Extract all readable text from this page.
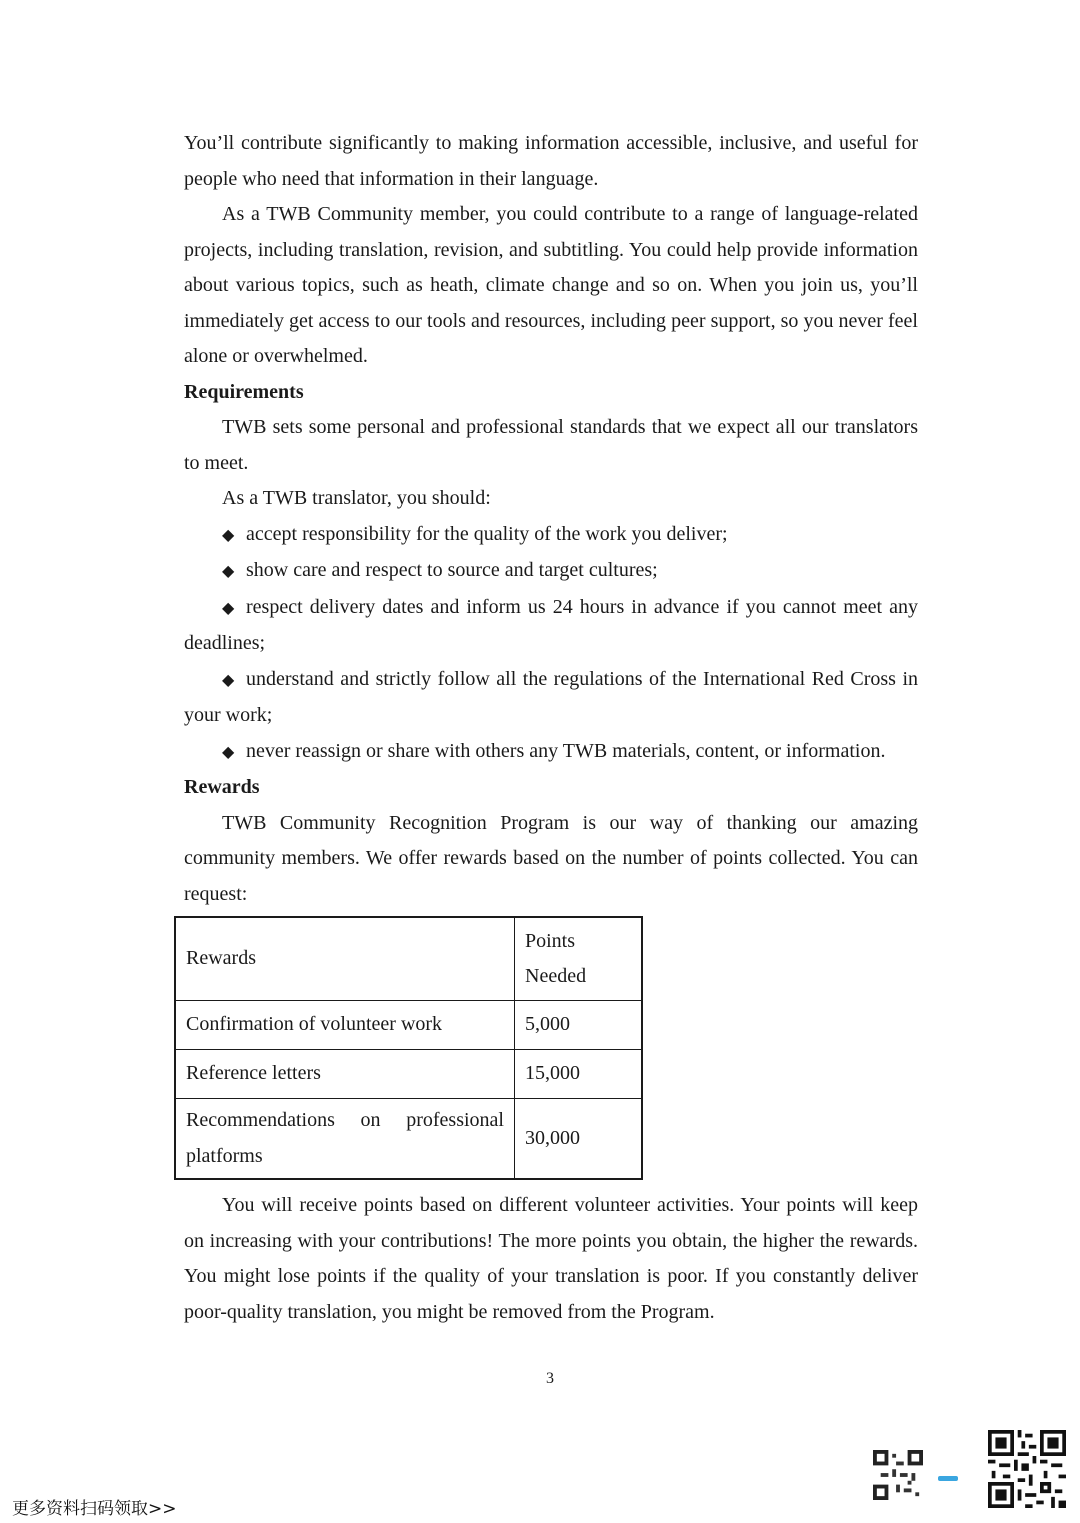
You’ll contribute significantly to making information accessible, inclusive, and useful for people who need that information in their language.

As a TWB Community member, you could contribute to a range of language-related projects, including translation, revision, and subtitling. You could help provide information about various topics, such as heath, climate change and so on. When you join us, you’ll immediately get access to our tools and resources, including peer support, so you never feel alone or overwhelmed.

Requirements

TWB sets some personal and professional standards that we expect all our translators to meet.

As a TWB translator, you should:

◆ accept responsibility for the quality of the work you deliver;

◆ show care and respect to source and target cultures;

◆ respect delivery dates and inform us 24 hours in advance if you cannot meet any deadlines;

◆ understand and strictly follow all the regulations of the International Red Cross in your work;

◆ never reassign or share with others any TWB materials, content, or information.

Rewards

TWB Community Recognition Program is our way of thanking our amazing community members. We offer rewards based on the number of points collected. You can request:

Rewards	Points Needed
Confirmation of volunteer work	5,000
Reference letters	15,000
Recommendations on professional platforms	30,000

You will receive points based on different volunteer activities. Your points will keep on increasing with your contributions! The more points you obtain, the higher the rewards. You might lose points if the quality of your translation is poor. If you constantly deliver poor-quality translation, you might be removed from the Program.

3
更多资料扫码领取>>
